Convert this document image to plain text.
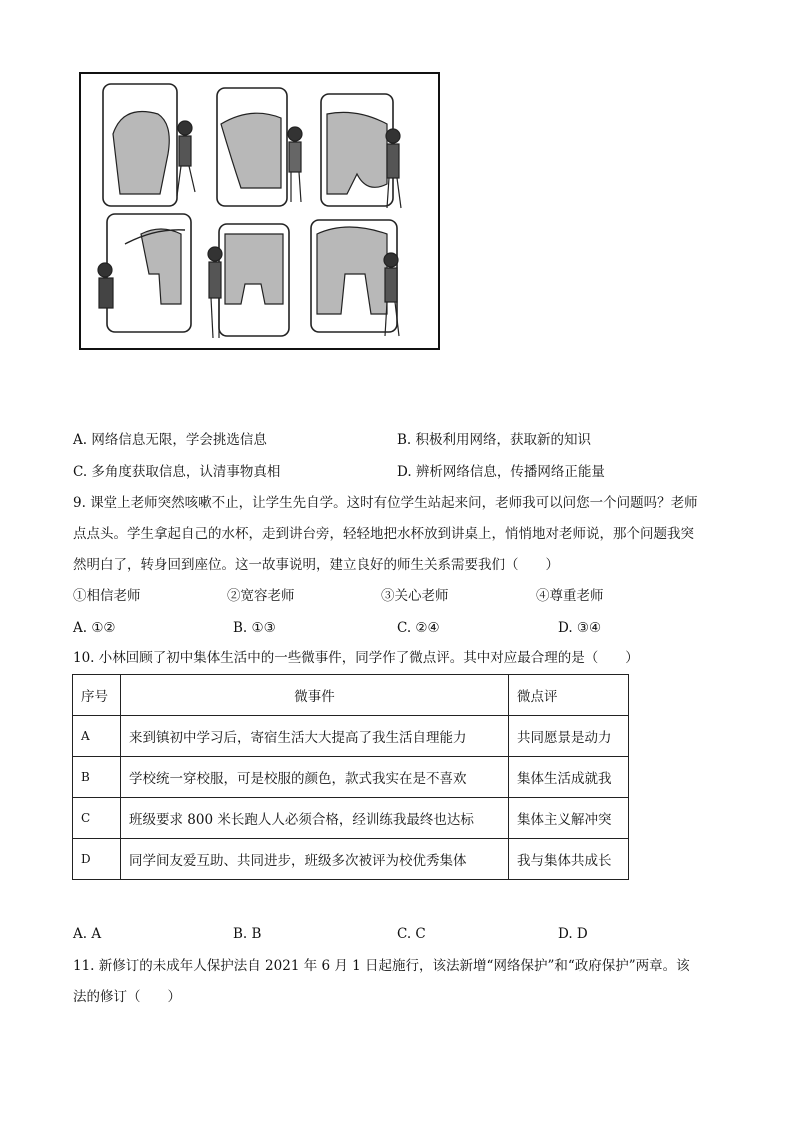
A. 网络信息无限，学会挑选信息	B. 积极利用网络，获取新的知识
C. 多角度获取信息，认清事物真相	D. 辨析网络信息，传播网络正能量
9. 课堂上老师突然咳嗽不止，让学生先自学。这时有位学生站起来问，老师我可以问您一个问题吗？老师
点点头。学生拿起自己的水杯，走到讲台旁，轻轻地把水杯放到讲桌上，悄悄地对老师说，那个问题我突
然明白了，转身回到座位。这一故事说明，建立良好的师生关系需要我们（　　）
①相信老师	②宽容老师	③关心老师	④尊重老师
A. ①②	B. ①③	C. ②④	D. ③④
10. 小林回顾了初中集体生活中的一些微事件，同学作了微点评。其中对应最合理的是（　　）
序号	微事件	微点评
A	来到镇初中学习后，寄宿生活大大提高了我生活自理能力	共同愿景是动力
B	学校统一穿校服，可是校服的颜色，款式我实在是不喜欢	集体生活成就我
C	班级要求 800 米长跑人人必须合格，经训练我最终也达标	集体主义解冲突
D	同学间友爱互助、共同进步，班级多次被评为校优秀集体	我与集体共成长
A. A	B. B	C. C	D. D
11. 新修订的未成年人保护法自 2021 年 6 月 1 日起施行，该法新增“网络保护”和“政府保护”两章。该
法的修订（　　）
